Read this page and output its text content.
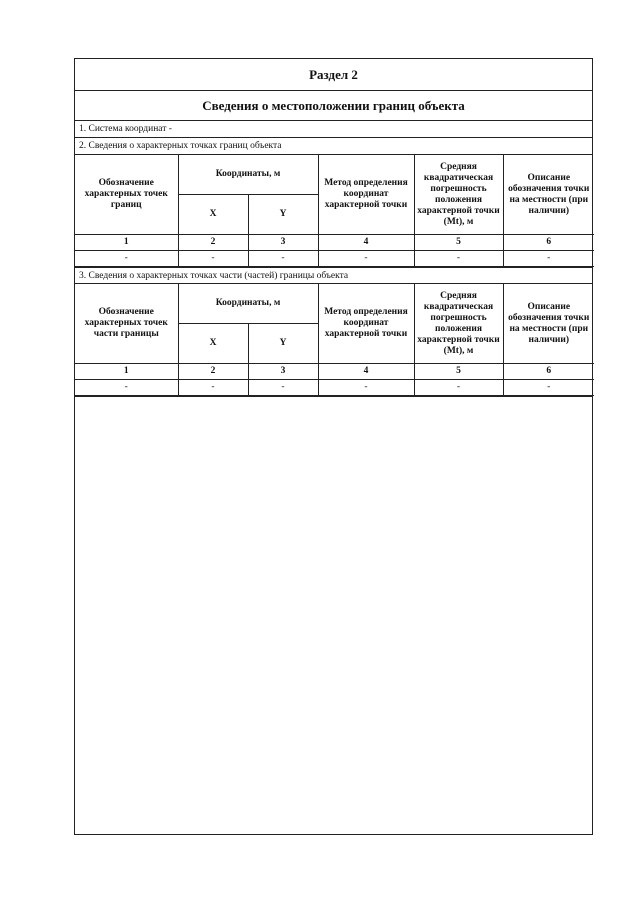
Раздел 2
Сведения о местоположении границ объекта
1. Система координат -
2. Сведения о характерных точках границ объекта
Обозначение характерных точек границ	Координаты, м		Метод определения координат характерной точки	Средняя квадратическая погрешность положения характерной точки (Mt), м	Описание обозначения точки на местности (при наличии)
	X	Y			
1	2	3	4	5	6
-	-	-	-	-	-
3. Сведения о характерных точках части (частей) границы объекта
Обозначение характерных точек части границы	Координаты, м		Метод определения координат характерной точки	Средняя квадратическая погрешность положения характерной точки (Mt), м	Описание обозначения точки на местности (при наличии)
	X	Y			
1	2	3	4	5	6
-	-	-	-	-	-
